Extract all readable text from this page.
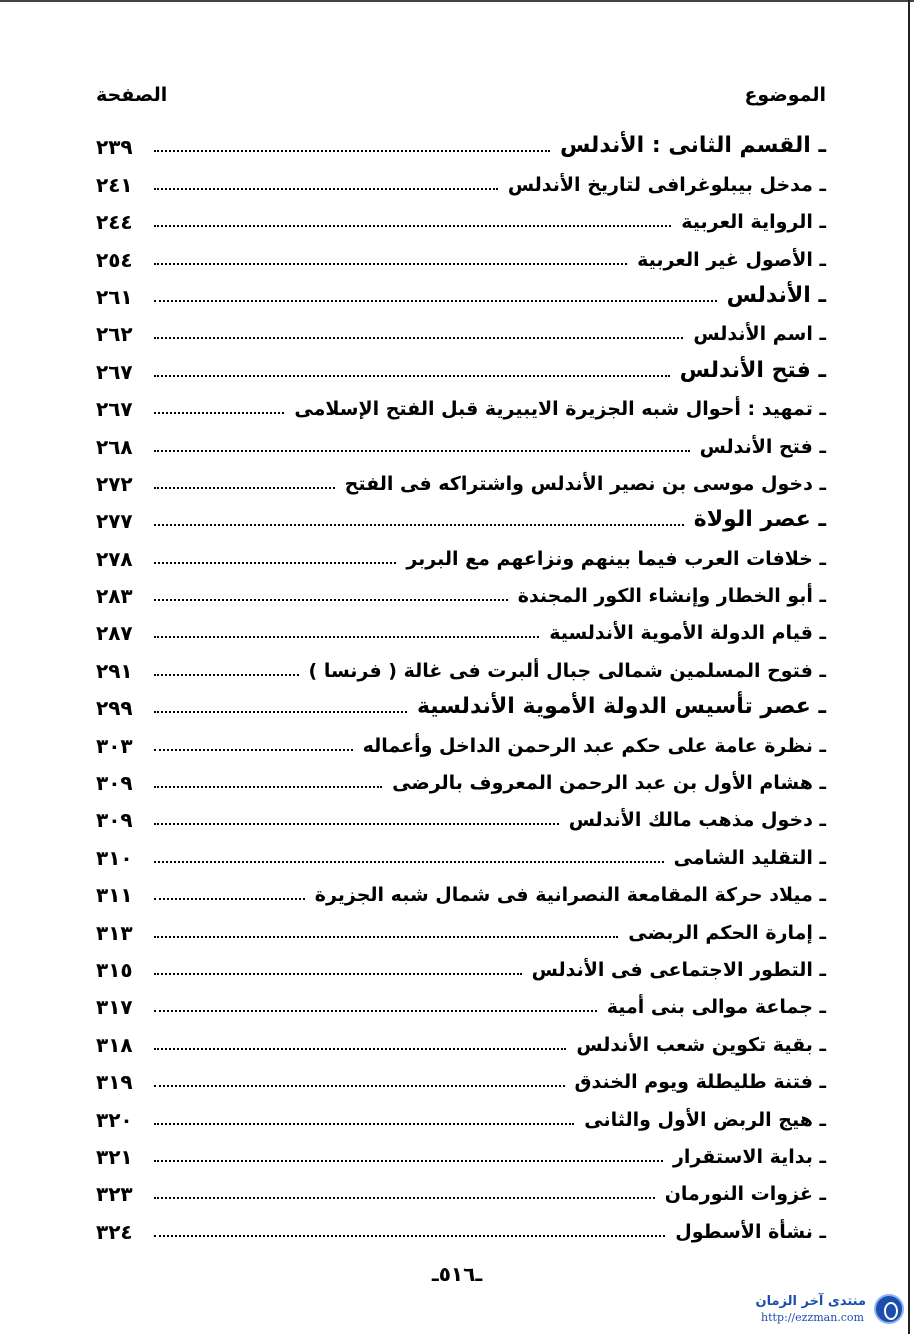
الموضوع
الصفحة
ـ القسم الثانى : الأندلس
٢٣٩
ـ مدخل بيبلوغرافى لتاريخ الأندلس
٢٤١
ـ الرواية العربية
٢٤٤
ـ الأصول غير العربية
٢٥٤
ـ الأندلس
٢٦١
ـ اسم الأندلس
٢٦٢
ـ فتح الأندلس
٢٦٧
ـ تمهيد : أحوال شبه الجزيرة الايبيرية قبل الفتح الإسلامى
٢٦٧
ـ فتح الأندلس
٢٦٨
ـ دخول موسى بن نصير الأندلس واشتراكه فى الفتح
٢٧٢
ـ عصر الولاة
٢٧٧
ـ خلافات العرب فيما بينهم ونزاعهم مع البربر
٢٧٨
ـ أبو الخطار وإنشاء الكور المجندة
٢٨٣
ـ قيام الدولة الأموية الأندلسية
٢٨٧
ـ فتوح المسلمين شمالى جبال ألبرت فى غالة ( فرنسا )
٢٩١
ـ عصر تأسيس الدولة الأموية الأندلسية
٢٩٩
ـ نظرة عامة على حكم عبد الرحمن الداخل وأعماله
٣٠٣
ـ هشام الأول بن عبد الرحمن المعروف بالرضى
٣٠٩
ـ دخول مذهب مالك الأندلس
٣٠٩
ـ التقليد الشامى
٣١٠
ـ ميلاد حركة المقامعة النصرانية فى شمال شبه الجزيرة
٣١١
ـ إمارة الحكم الربضى
٣١٣
ـ التطور الاجتماعى فى الأندلس
٣١٥
ـ جماعة موالى بنى أمية
٣١٧
ـ بقية تكوين شعب الأندلس
٣١٨
ـ فتنة طليطلة ويوم الخندق
٣١٩
ـ هيج الربض الأول والثانى
٣٢٠
ـ بداية الاستقرار
٣٢١
ـ غزوات النورمان
٣٢٣
ـ نشأة الأسطول
٣٢٤
ـ٥١٦ـ
منتدى آخر الزمان
http://ezzman.com
